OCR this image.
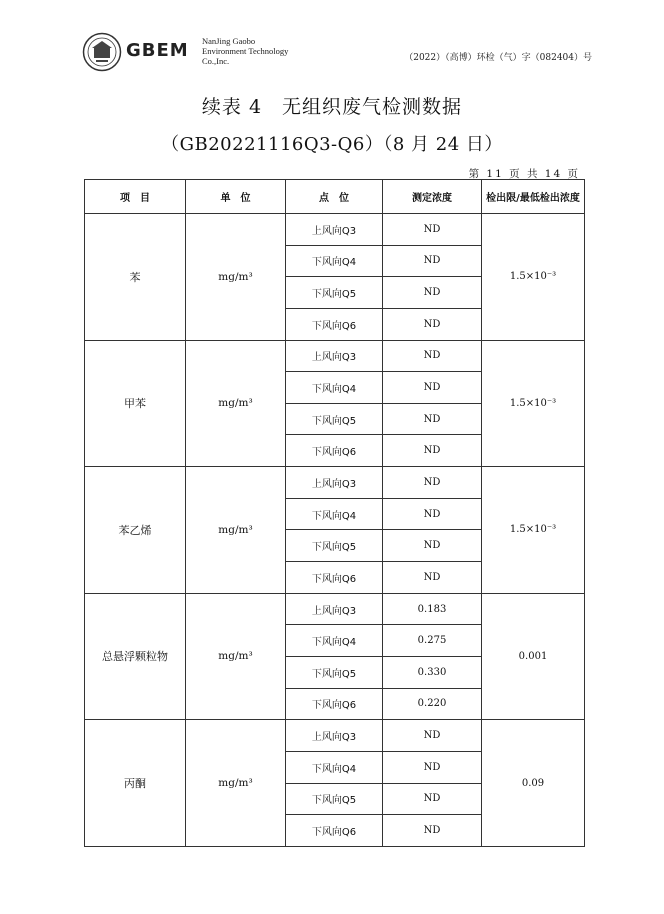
GBEM NanJing Gaobo
Environment Technology
Co.,Inc.	（2022）（高博）环检（气）字（082404）号
续表 4　无组织废气检测数据
（GB20221116Q3-Q6）（8 月 24 日）
第 11 页 共 14 页
项　目	单　位	点　位	测定浓度	检出限/最低检出浓度
苯	mg/m³	上风向Q3	ND	1.5×10⁻³
		下风向Q4	ND	
		下风向Q5	ND	
		下风向Q6	ND	
甲苯	mg/m³	上风向Q3	ND	1.5×10⁻³
		下风向Q4	ND	
		下风向Q5	ND	
		下风向Q6	ND	
苯乙烯	mg/m³	上风向Q3	ND	1.5×10⁻³
		下风向Q4	ND	
		下风向Q5	ND	
		下风向Q6	ND	
总悬浮颗粒物	mg/m³	上风向Q3	0.183	0.001
		下风向Q4	0.275	
		下风向Q5	0.330	
		下风向Q6	0.220	
丙酮	mg/m³	上风向Q3	ND	0.09
		下风向Q4	ND	
		下风向Q5	ND	
		下风向Q6	ND	
